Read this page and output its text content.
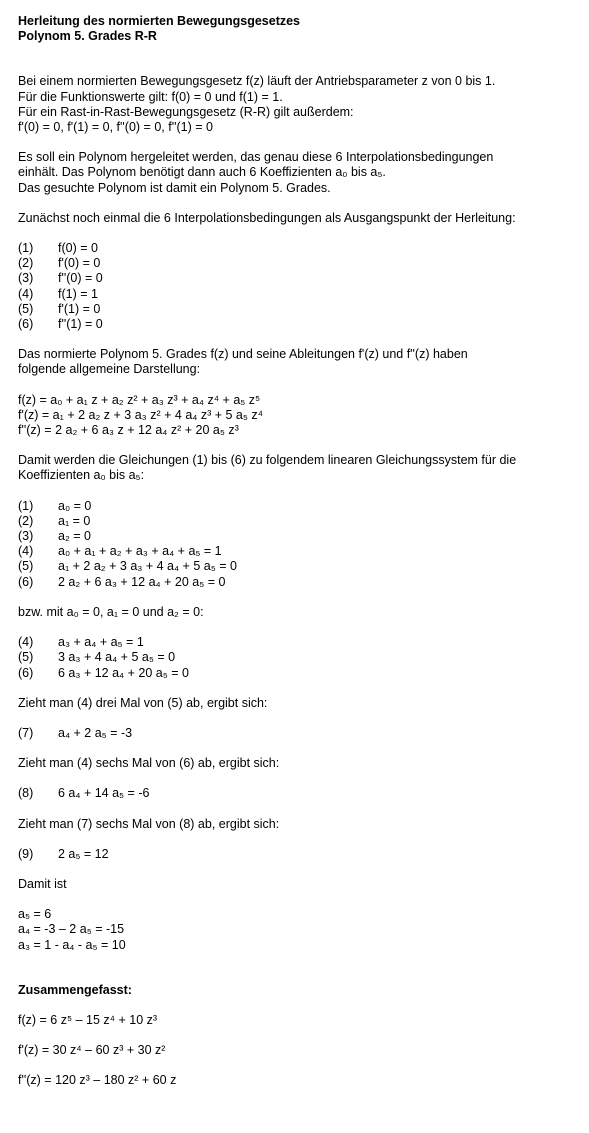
Herleitung des normierten Bewegungsgesetzes

Polynom 5. Grades R-R

Bei einem normierten Bewegungsgesetz f(z) läuft der Antriebsparameter z von 0 bis 1.

Für die Funktionswerte gilt: f(0) = 0 und f(1) = 1.

Für ein Rast-in-Rast-Bewegungsgesetz (R-R) gilt außerdem:

f'(0) = 0, f'(1) = 0, f''(0) = 0, f''(1) = 0

Es soll ein Polynom hergeleitet werden, das genau diese 6 Interpolationsbedingungen

einhält. Das Polynom benötigt dann auch 6 Koeffizienten a₀ bis a₅.

Das gesuchte Polynom ist damit ein Polynom 5. Grades.

Zunächst noch einmal die 6 Interpolationsbedingungen als Ausgangspunkt der Herleitung:

(1)	f(0) = 0
(2)	f'(0) = 0
(3)	f''(0) = 0
(4)	f(1) = 1
(5)	f'(1) = 0
(6)	f''(1) = 0

Das normierte Polynom 5. Grades f(z) und seine Ableitungen f'(z) und f''(z) haben

folgende allgemeine Darstellung:

f(z) = a₀ + a₁ z + a₂ z² + a₃ z³ + a₄ z⁴ + a₅ z⁵

f'(z) = a₁ + 2 a₂ z + 3 a₃ z² + 4 a₄ z³ + 5 a₅ z⁴

f''(z) = 2 a₂ + 6 a₃ z + 12 a₄ z² + 20 a₅ z³

Damit werden die Gleichungen (1) bis (6) zu folgendem linearen Gleichungssystem für die

Koeffizienten a₀ bis a₅:

(1)	a₀ = 0
(2)	a₁ = 0
(3)	a₂ = 0
(4)	a₀ + a₁ + a₂ + a₃ + a₄ + a₅ = 1
(5)	a₁ + 2 a₂ + 3 a₃ + 4 a₄ + 5 a₅ = 0
(6)	2 a₂ + 6 a₃ + 12 a₄ + 20 a₅ = 0

bzw. mit a₀ = 0, a₁ = 0 und a₂ = 0:

(4)	a₃ + a₄ + a₅ = 1
(5)	3 a₃ + 4 a₄ + 5 a₅ = 0
(6)	6 a₃ + 12 a₄ + 20 a₅ = 0

Zieht man (4) drei Mal von (5) ab, ergibt sich:

(7)	a₄ + 2 a₅ = -3

Zieht man (4) sechs Mal von (6) ab, ergibt sich:

(8)	6 a₄ + 14 a₅ = -6

Zieht man (7) sechs Mal von (8) ab, ergibt sich:

(9)	2 a₅ = 12

Damit ist

a₅ = 6

a₄ = -3 – 2 a₅ = -15

a₃ = 1 - a₄ - a₅ = 10

Zusammengefasst:

f(z) = 6 z⁵ – 15 z⁴ + 10 z³

f'(z) = 30 z⁴ – 60 z³ + 30 z²

f''(z) = 120 z³ – 180 z² + 60 z
